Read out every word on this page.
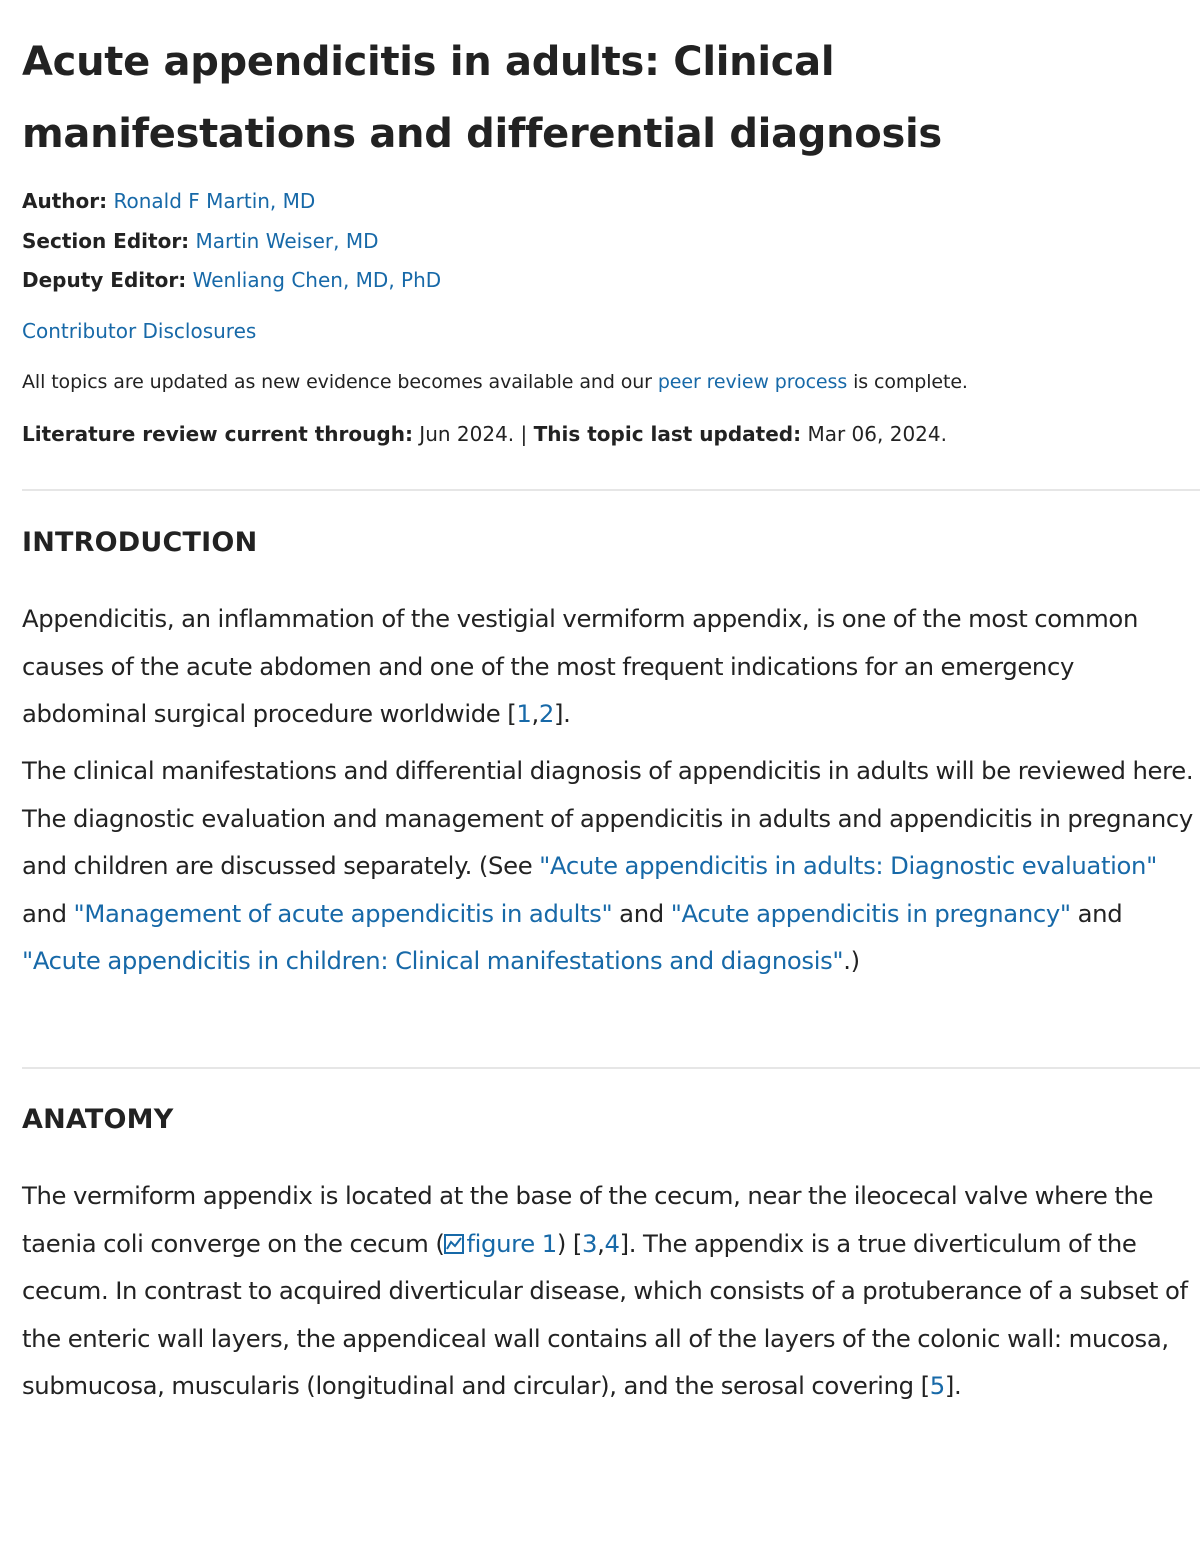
Acute appendicitis in adults: Clinical manifestations and differential diagnosis
Author: Ronald F Martin, MD
Section Editor: Martin Weiser, MD
Deputy Editor: Wenliang Chen, MD, PhD
Contributor Disclosures
All topics are updated as new evidence becomes available and our peer review process is complete.
Literature review current through: Jun 2024. | This topic last updated: Mar 06, 2024.
INTRODUCTION

Appendicitis, an inflammation of the vestigial vermiform appendix, is one of the most common causes of the acute abdomen and one of the most frequent indications for an emergency abdominal surgical procedure worldwide [1,2].

The clinical manifestations and differential diagnosis of appendicitis in adults will be reviewed here. The diagnostic evaluation and management of appendicitis in adults and appendicitis in pregnancy and children are discussed separately. (See "Acute appendicitis in adults: Diagnostic evaluation" and "Management of acute appendicitis in adults" and "Acute appendicitis in pregnancy" and "Acute appendicitis in children: Clinical manifestations and diagnosis".)

ANATOMY

The vermiform appendix is located at the base of the cecum, near the ileocecal valve where the taenia coli converge on the cecum ( figure 1) [3,4]. The appendix is a true diverticulum of the cecum. In contrast to acquired diverticular disease, which consists of a protuberance of a subset of the enteric wall layers, the appendiceal wall contains all of the layers of the colonic wall: mucosa, submucosa, muscularis (longitudinal and circular), and the serosal covering [5].
